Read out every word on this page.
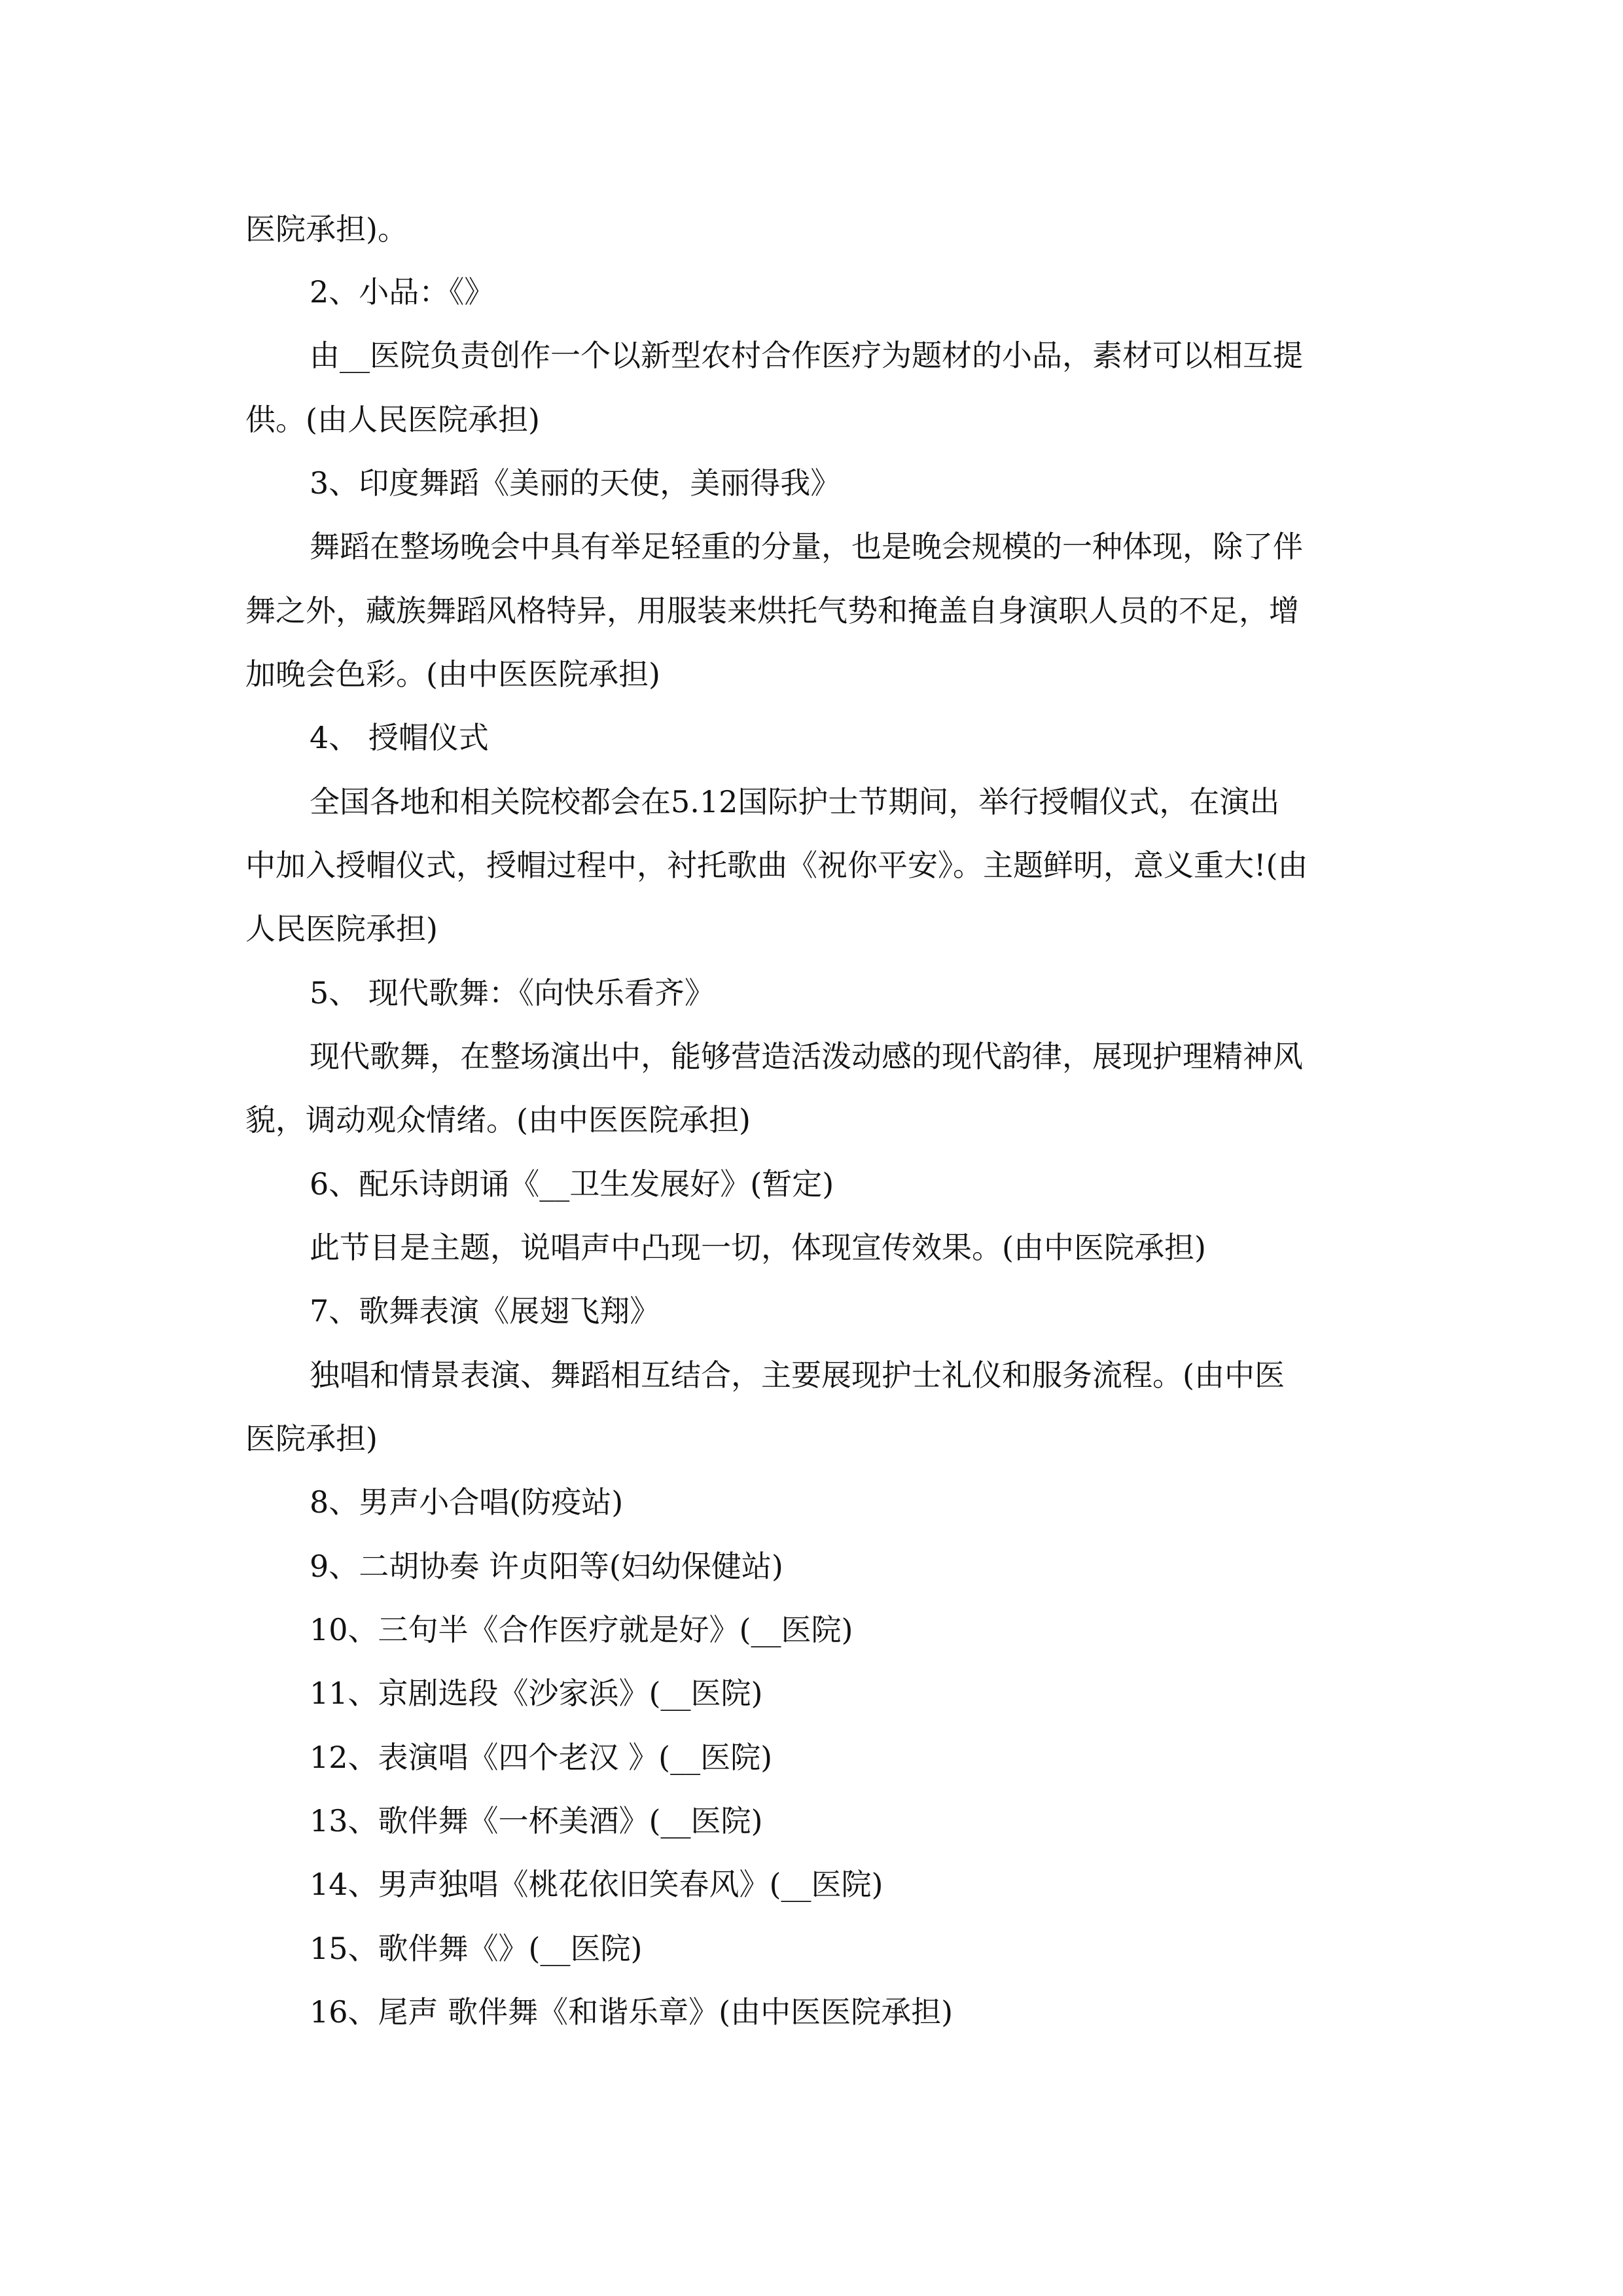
医院承担)。
2、小品：《》
由__医院负责创作一个以新型农村合作医疗为题材的小品，素材可以相互提
供。(由人民医院承担)
3、印度舞蹈《美丽的天使，美丽得我》
舞蹈在整场晚会中具有举足轻重的分量，也是晚会规模的一种体现，除了伴
舞之外，藏族舞蹈风格特异，用服装来烘托气势和掩盖自身演职人员的不足，增
加晚会色彩。(由中医医院承担)
4、 授帽仪式
全国各地和相关院校都会在5.12国际护士节期间，举行授帽仪式，在演出
中加入授帽仪式，授帽过程中，衬托歌曲《祝你平安》。主题鲜明，意义重大!(由
人民医院承担)
5、 现代歌舞：《向快乐看齐》
现代歌舞，在整场演出中，能够营造活泼动感的现代韵律，展现护理精神风
貌，调动观众情绪。(由中医医院承担)
6、配乐诗朗诵《__卫生发展好》(暂定)
此节目是主题，说唱声中凸现一切，体现宣传效果。(由中医院承担)
7、歌舞表演《展翅飞翔》
独唱和情景表演、舞蹈相互结合，主要展现护士礼仪和服务流程。(由中医
医院承担)
8、男声小合唱(防疫站)
9、二胡协奏 许贞阳等(妇幼保健站)
10、三句半《合作医疗就是好》(__医院)
11、京剧选段《沙家浜》(__医院)
12、表演唱《四个老汉 》(__医院)
13、歌伴舞《一杯美酒》(__医院)
14、男声独唱《桃花依旧笑春风》(__医院)
15、歌伴舞《》(__医院)
16、尾声 歌伴舞《和谐乐章》(由中医医院承担)
